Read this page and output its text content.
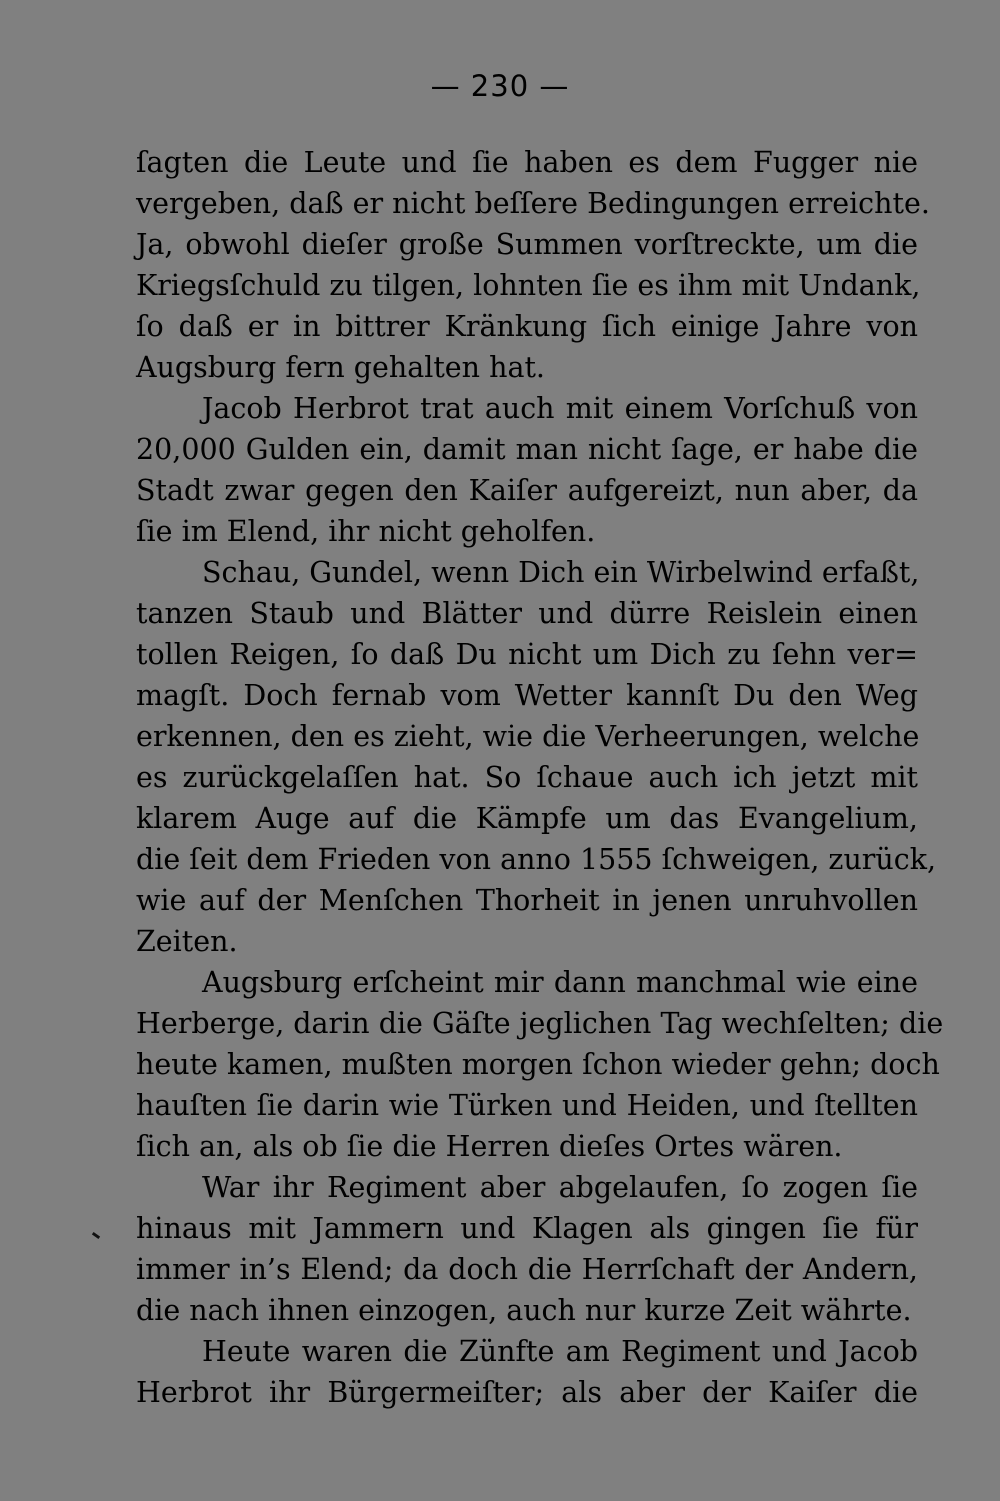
— 230 —
ſagten die Leute und ſie haben es dem Fugger nie
vergeben, daß er nicht beſſere Bedingungen erreichte.
Ja, obwohl dieſer große Summen vorſtreckte, um die
Kriegsſchuld zu tilgen, lohnten ſie es ihm mit Undank,
ſo daß er in bittrer Kränkung ſich einige Jahre von
Augsburg fern gehalten hat.
Jacob Herbrot trat auch mit einem Vorſchuß von
20,000 Gulden ein, damit man nicht ſage, er habe die
Stadt zwar gegen den Kaiſer aufgereizt, nun aber, da
ſie im Elend, ihr nicht geholfen.
Schau, Gundel, wenn Dich ein Wirbelwind erfaßt,
tanzen Staub und Blätter und dürre Reislein einen
tollen Reigen, ſo daß Du nicht um Dich zu ſehn ver=
magſt. Doch fernab vom Wetter kannſt Du den Weg
erkennen, den es zieht, wie die Verheerungen, welche
es zurückgelaſſen hat. So ſchaue auch ich jetzt mit
klarem Auge auf die Kämpfe um das Evangelium,
die ſeit dem Frieden von anno 1555 ſchweigen, zurück,
wie auf der Menſchen Thorheit in jenen unruhvollen
Zeiten.
Augsburg erſcheint mir dann manchmal wie eine
Herberge, darin die Gäſte jeglichen Tag wechſelten; die
heute kamen, mußten morgen ſchon wieder gehn; doch
hauſten ſie darin wie Türken und Heiden, und ſtellten
ſich an, als ob ſie die Herren dieſes Ortes wären.
War ihr Regiment aber abgelaufen, ſo zogen ſie
hinaus mit Jammern und Klagen als gingen ſie für
immer in’s Elend; da doch die Herrſchaft der Andern,
die nach ihnen einzogen, auch nur kurze Zeit währte.
Heute waren die Zünfte am Regiment und Jacob
Herbrot ihr Bürgermeiſter; als aber der Kaiſer die
